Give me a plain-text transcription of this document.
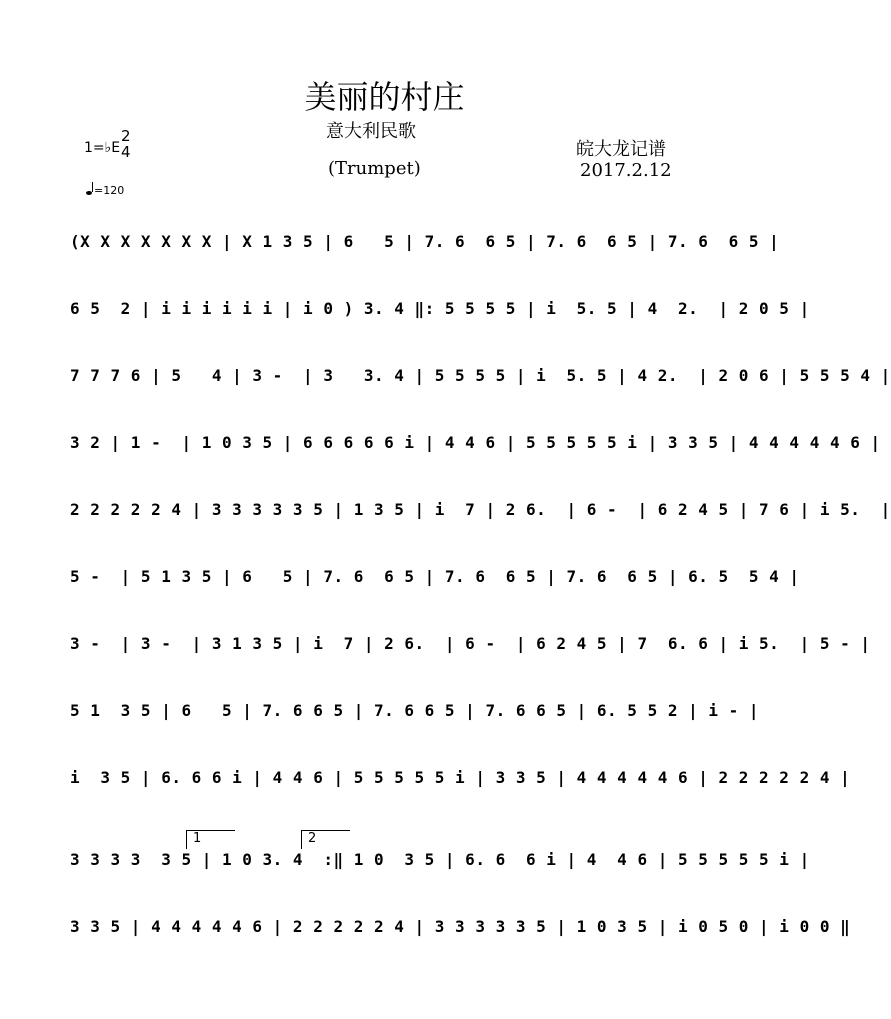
美丽的村庄
意大利民歌
(Trumpet)
皖大龙记谱
2017.2.12
1=♭E
2
4
=120
(X X X X X X X | X 1 3 5 | 6   5 | 7. 6  6 5 | 7. 6  6 5 | 7. 6  6 5 |
6 5  2 | i i i i i i | i 0 ) 3. 4 ‖: 5 5 5 5 | i  5. 5 | 4  2.  | 2 0 5 |
7 7 7 6 | 5   4 | 3 -  | 3   3. 4 | 5 5 5 5 | i  5. 5 | 4 2.  | 2 0 6 | 5 5 5 4 |
3 2 | 1 -  | 1 0 3 5 | 6 6 6 6 6 i | 4 4 6 | 5 5 5 5 5 i | 3 3 5 | 4 4 4 4 4 6 |
2 2 2 2 2 4 | 3 3 3 3 3 5 | 1 3 5 | i  7 | 2 6.  | 6 -  | 6 2 4 5 | 7 6 | i 5.  |
5 -  | 5 1 3 5 | 6   5 | 7. 6  6 5 | 7. 6  6 5 | 7. 6  6 5 | 6. 5  5 4 |
3 -  | 3 -  | 3 1 3 5 | i  7 | 2 6.  | 6 -  | 6 2 4 5 | 7  6. 6 | i 5.  | 5 - |
5 1  3 5 | 6   5 | 7. 6 6 5 | 7. 6 6 5 | 7. 6 6 5 | 6. 5 5 2 | i - |
i  3 5 | 6. 6 6 i | 4 4 6 | 5 5 5 5 5 i | 3 3 5 | 4 4 4 4 4 6 | 2 2 2 2 2 4 |
1	2
3 3 3 3  3 5 | 1 0 3. 4  :‖ 1 0  3 5 | 6. 6  6 i | 4  4 6 | 5 5 5 5 5 i |
3 3 5 | 4 4 4 4 4 6 | 2 2 2 2 2 4 | 3 3 3 3 3 5 | 1 0 3 5 | i 0 5 0 | i 0 0 ‖
